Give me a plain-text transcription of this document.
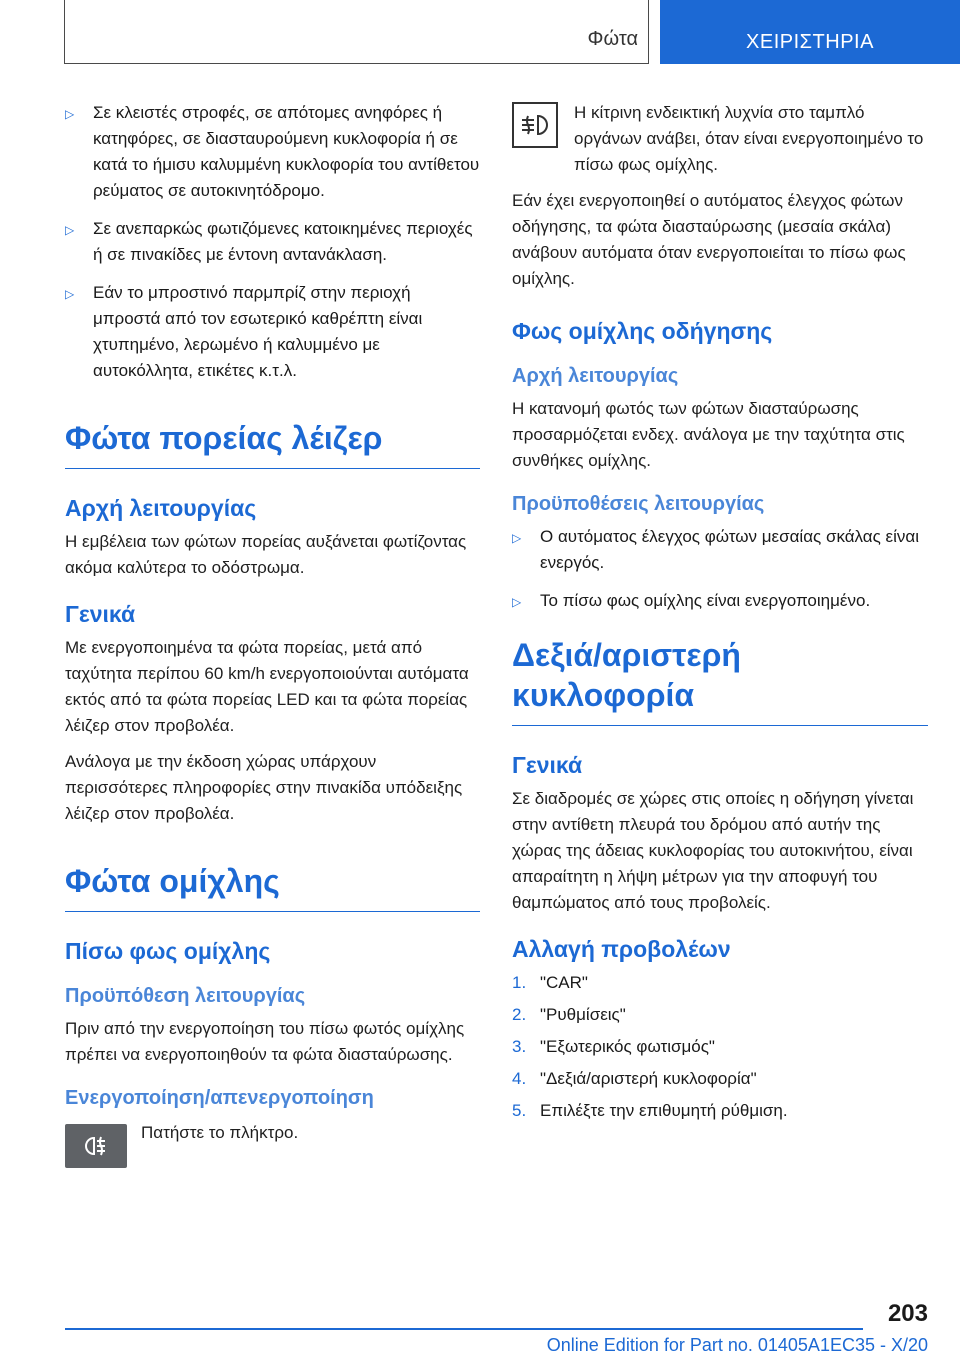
Φώτα	ΧΕΙΡΙΣΤΗΡΙΑ
▷	Σε κλειστές στροφές, σε απότομες ανηφόρες ή κατηφόρες, σε διασταυρούμενη κυκλοφορία ή σε κατά το ήμισυ καλυμμένη κυκλοφορία του αντίθετου ρεύματος σε αυτοκινητόδρομο.
▷	Σε ανεπαρκώς φωτιζόμενες κατοικημένες περιοχές ή σε πινακίδες με έντονη αντανάκλαση.
▷	Εάν το μπροστινό παρμπρίζ στην περιοχή μπροστά από τον εσωτερικό καθρέπτη είναι χτυπημένο, λερωμένο ή καλυμμένο με αυτοκόλλητα, ετικέτες κ.τ.λ.
Φώτα πορείας λέιζερ
Αρχή λειτουργίας

Η εμβέλεια των φώτων πορείας αυξάνεται φωτίζοντας ακόμα καλύτερα το οδόστρωμα.

Γενικά

Με ενεργοποιημένα τα φώτα πορείας, μετά από ταχύτητα περίπου 60 km/h ενεργοποιούνται αυτόματα εκτός από τα φώτα πορείας LED και τα φώτα πορείας λέιζερ στον προβολέα.

Ανάλογα με την έκδοση χώρας υπάρχουν περισσότερες πληροφορίες στην πινακίδα υπόδειξης λέιζερ στον προβολέα.

Φώτα ομίχλης
Πίσω φως ομίχλης
Προϋπόθεση λειτουργίας

Πριν από την ενεργοποίηση του πίσω φωτός ομίχλης πρέπει να ενεργοποιηθούν τα φώτα διασταύρωσης.

Ενεργοποίηση/απενεργοποίηση

Πατήστε το πλήκτρο.

Η κίτρινη ενδεικτική λυχνία στο ταμπλό οργάνων ανάβει, όταν είναι ενεργοποιημένο το πίσω φως ομίχλης.

Εάν έχει ενεργοποιηθεί ο αυτόματος έλεγχος φώτων οδήγησης, τα φώτα διασταύρωσης (μεσαία σκάλα) ανάβουν αυτόματα όταν ενεργοποιείται το πίσω φως ομίχλης.

Φως ομίχλης οδήγησης
Αρχή λειτουργίας

Η κατανομή φωτός των φώτων διασταύρωσης προσαρμόζεται ενδεχ. ανάλογα με την ταχύτητα στις συνθήκες ομίχλης.

Προϋποθέσεις λειτουργίας
▷	Ο αυτόματος έλεγχος φώτων μεσαίας σκάλας είναι ενεργός.
▷	Το πίσω φως ομίχλης είναι ενεργοποιημένο.
Δεξιά/αριστερή κυκλοφορία
Γενικά

Σε διαδρομές σε χώρες στις οποίες η οδήγηση γίνεται στην αντίθετη πλευρά του δρόμου από αυτήν της χώρας της άδειας κυκλοφορίας του αυτοκινήτου, είναι απαραίτητη η λήψη μέτρων για την αποφυγή του θαμπώματος από τους προβολείς.

Αλλαγή προβολέων
1. "CAR"
2. "Ρυθμίσεις"
3. "Εξωτερικός φωτισμός"
4. "Δεξιά/αριστερή κυκλοφορία"
5. Επιλέξτε την επιθυμητή ρύθμιση.
203
Online Edition for Part no. 01405A1EC35 - X/20
